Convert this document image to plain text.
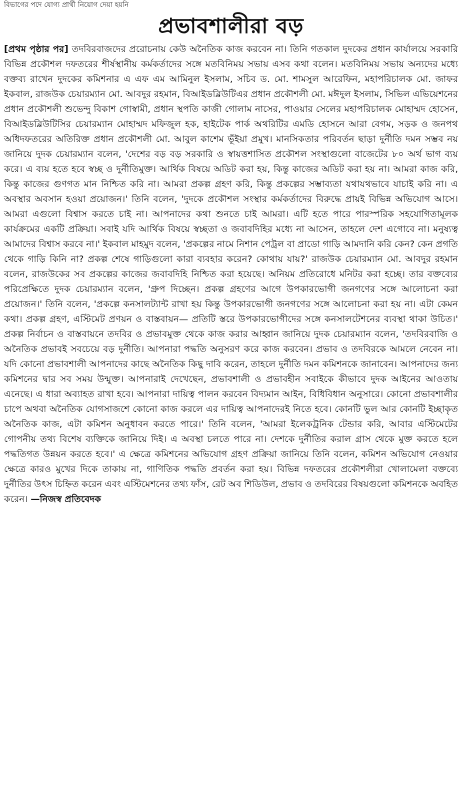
বিভাগের পদে যোগ্য প্রার্থী নিয়োগ দেয়া হয়নি
প্রভাবশালীরা বড়
[প্রথম পৃষ্ঠার পর] তদবিরবাজদের প্ররোচনায় কেউ অনৈতিক কাজ করবেন না। তিনি গতকাল দুদকের প্রধান কার্যালয়ে সরকারি বিভিন্ন প্রকৌশল দফতরের শীর্ষস্থানীয় কর্মকর্তাদের সঙ্গে মতবিনিময় সভায় এসব কথা বলেন। মতবিনিময় সভায় অন্যদের মধ্যে বক্তব্য রাখেন দুদকের কমিশনার এ এফ এম আমিনুল ইসলাম, সচিব ড. মো. শামসুল আরেফিন, মহাপরিচালক মো. জাফর ইকবাল, রাজউক চেয়ারম্যান মো. আবদুর রহমান, বিআইডব্লিউটিএর প্রধান প্রকৌশলী মো. মঈদুল ইসলাম, সিভিল এভিয়েশনের প্রধান প্রকৌশলী শুভেন্দু বিকাশ গোস্বামী, প্রধান স্থপতি কাজী গোলাম নাসের, পাওয়ার সেলের মহাপরিচালক মোহাম্মদ হোসেন, বিআইডব্লিউটিসির চেয়ারম্যান মোহাম্মদ মফিজুল হক, হাইটেক পার্ক অথরিটির এমডি হোসনে আরা বেগম, সড়ক ও জনপথ অধিদফতরের অতিরিক্ত প্রধান প্রকৌশলী মো. আবুল কাশেম ভূঁইয়া প্রমুখ। মানসিকতার পরিবর্তন ছাড়া দুর্নীতি দমন সম্ভব নয় জানিয়ে দুদক চেয়ারম্যান বলেন, 'দেশের বড় বড় সরকারি ও স্বায়ত্তশাসিত প্রকৌশল সংস্থাগুলো বাজেটের ৮০ অর্থ ভাগ ব্যয় করে। এ ব্যয় হতে হবে স্বচ্ছ ও দুর্নীতিমুক্ত। আর্থিক বিষয়ে অডিট করা হয়, কিন্তু কাজের অডিট করা হয় না। আমরা কাজ করি, কিন্তু কাজের গুণগত মান নিশ্চিত করি না। আমরা প্রকল্প গ্রহণ করি, কিন্তু প্রকল্পের সম্ভাব্যতা যথাযথভাবে যাচাই করি না। এ অবস্থার অবসান হওয়া প্রয়োজন।' তিনি বলেন, 'দুদকে প্রকৌশল সংস্থার কর্মকর্তাদের বিরুদ্ধে প্রায়ই বিভিন্ন অভিযোগ আসে। আমরা এগুলো বিশ্বাস করতে চাই না। আপনাদের কথা শুনতে চাই আমরা। এটি হতে পারে পারস্পরিক সহযোগিতামূলক কার্যক্রমের একটি প্রক্রিয়া। সবাই যদি আর্থিক বিষয়ে স্বচ্ছতা ও জবাবদিহির মধ্যে না আসেন, তাহলে দেশ এগোবে না। মনুষ্যত্ব আমাদের বিশ্বাস করবে না।' ইকবাল মাহমুদ বলেন, 'প্রকল্পের নামে নিশান পেট্রল বা প্রাডো গাড়ি আমদানি করি কেন? কেন প্রগতি থেকে গাড়ি কিনি না? প্রকল্প শেষে গাড়িগুলো কারা ব্যবহার করেন? কোথায় যায়?' রাজউক চেয়ারম্যান মো. আবদুর রহমান বলেন, রাজউকের সব প্রকল্পের কাজের জবাবদিহি নিশ্চিত করা হয়েছে। অনিয়ম প্রতিরোধে মনিটর করা হচ্ছে। তার বক্তব্যের পরিপ্রেক্ষিতে দুদক চেয়ারম্যান বলেন, 'গ্রুপ দিচ্ছেন। প্রকল্প গ্রহণের আগে উপকারভোগী জনগণের সঙ্গে আলোচনা করা প্রয়োজন।' তিনি বলেন, 'প্রকল্পে কনসালট্যান্ট রাখা হয় কিন্তু উপকারভোগী জনগণের সঙ্গে আলোচনা করা হয় না। এটা কেমন কথা। প্রকল্প গ্রহণ, এস্টিমেট প্রণয়ন ও বাস্তবায়ন— প্রতিটি স্তরে উপকারভোগীদের সঙ্গে কনসালটেশনের ব্যবস্থা থাকা উচিত।' প্রকল্প নির্বাচন ও বাস্তবায়নে তদবির ও প্রভাবমুক্ত থেকে কাজ করার আহ্বান জানিয়ে দুদক চেয়ারম্যান বলেন, 'তদবিরবাজি ও অনৈতিক প্রভাবই সবচেয়ে বড় দুর্নীতি। আপনারা পদ্ধতি অনুসরণ করে কাজ করবেন। প্রভাব ও তদবিরকে আমলে নেবেন না। যদি কোনো প্রভাবশালী আপনাদের কাছে অনৈতিক কিছু দাবি করেন, তাহলে দুর্নীতি দমন কমিশনকে জানাবেন। আপনাদের জন্য কমিশনের দ্বার সব সময় উন্মুক্ত। আপনারাই দেখেছেন, প্রভাবশালী ও প্রভাবহীন সবাইকে কীভাবে দুদক আইনের আওতায় এনেছে। এ ধারা অব্যাহত রাখা হবে। আপনারা দায়িত্ব পালন করবেন বিদ্যমান আইন, বিধিবিধান অনুসারে। কোনো প্রভাবশালীর চাপে অথবা অনৈতিক যোগসাজশে কোনো কাজ করলে এর দায়িত্ব আপনাদেরই নিতে হবে। কোনটি ভুল আর কোনটি ইচ্ছাকৃত অনৈতিক কাজ, এটা কমিশন অনুধাবন করতে পারে।' তিনি বলেন, 'আমরা ইলেকট্রনিক টেন্ডার করি, আবার এস্টিমেটের গোপনীয় তথ্য বিশেষ ব্যক্তিকে জানিয়ে দিই। এ অবস্থা চলতে পারে না। দেশকে দুর্নীতির করাল গ্রাস থেকে মুক্ত করতে হলে পদ্ধতিগত উন্নয়ন করতে হবে।' এ ক্ষেত্রে কমিশনের অভিযোগ গ্রহণ প্রক্রিয়া জানিয়ে তিনি বলেন, কমিশন অভিযোগ নেওয়ার ক্ষেত্রে কারও মুখের দিকে তাকায় না, গাণিতিক পদ্ধতি প্রবর্তন করা হয়। বিভিন্ন দফতরের প্রকৌশলীরা খোলামেলা বক্তব্যে দুর্নীতির উৎস চিহ্নিত করেন এবং এস্টিমেশনের তথ্য ফাঁস, রেট অব শিডিউল, প্রভাব ও তদবিরের বিষয়গুলো কমিশনকে অবহিত করেন। —নিজস্ব প্রতিবেদক
